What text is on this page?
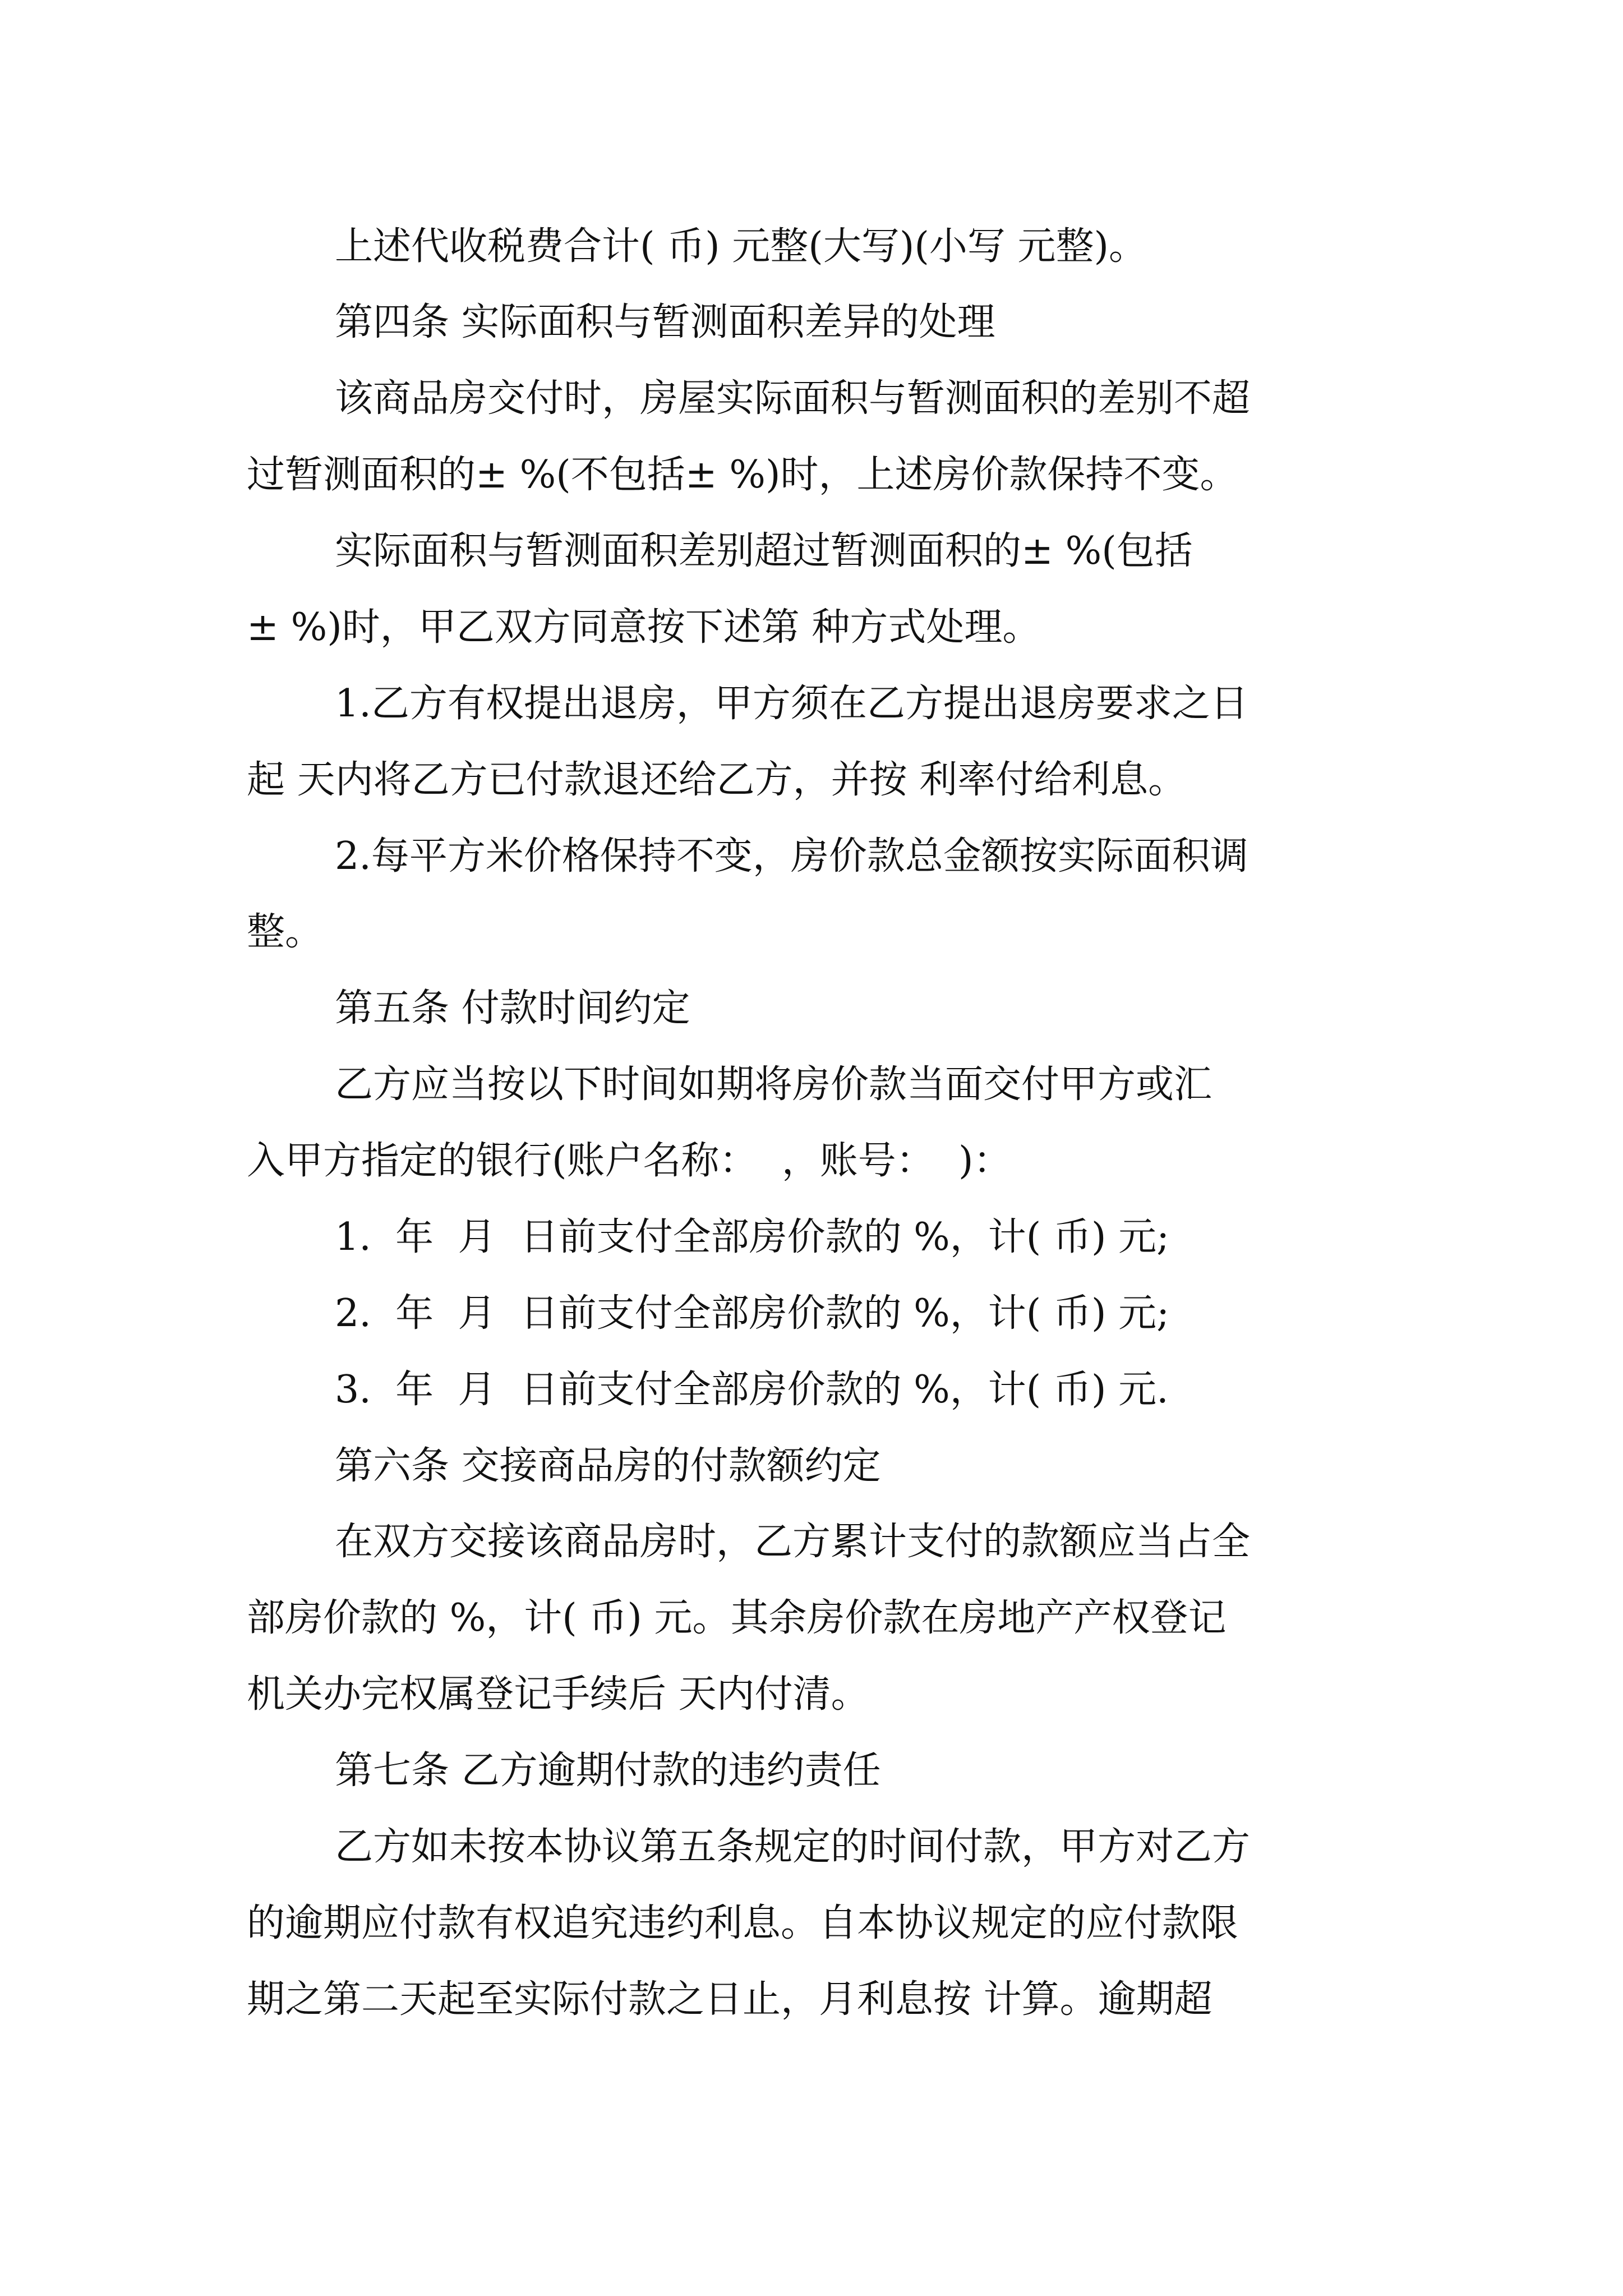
上述代收税费合计( 币) 元整(大写)(小写 元整)。

第四条 实际面积与暂测面积差异的处理

该商品房交付时，房屋实际面积与暂测面积的差别不超

过暂测面积的± %(不包括± %)时，上述房价款保持不变。

实际面积与暂测面积差别超过暂测面积的± %(包括

± %)时，甲乙双方同意按下述第 种方式处理。

1.乙方有权提出退房，甲方须在乙方提出退房要求之日

起 天内将乙方已付款退还给乙方，并按 利率付给利息。

2.每平方米价格保持不变，房价款总金额按实际面积调

整。

第五条 付款时间约定

乙方应当按以下时间如期将房价款当面交付甲方或汇

入甲方指定的银行(账户名称：  ，账号：  )：

1.  年  月  日前支付全部房价款的 %，计( 币) 元;

2.  年  月  日前支付全部房价款的 %，计( 币) 元;

3.  年  月  日前支付全部房价款的 %，计( 币) 元.

第六条 交接商品房的付款额约定

在双方交接该商品房时，乙方累计支付的款额应当占全

部房价款的 %，计( 币) 元。其余房价款在房地产产权登记

机关办完权属登记手续后 天内付清。

第七条 乙方逾期付款的违约责任

乙方如未按本协议第五条规定的时间付款，甲方对乙方

的逾期应付款有权追究违约利息。自本协议规定的应付款限

期之第二天起至实际付款之日止，月利息按 计算。逾期超
